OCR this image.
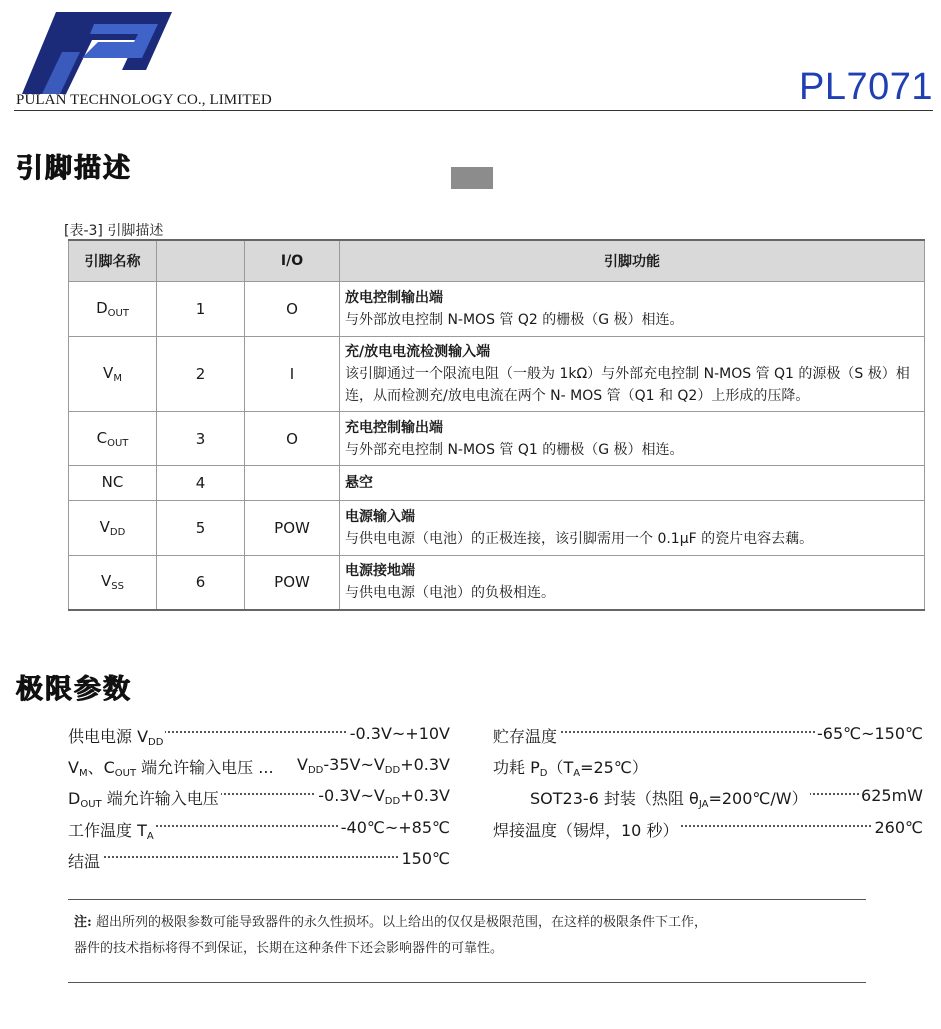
PULAN TECHNOLOGY CO., LIMITED	PL7071
引脚描述
[表-3] 引脚描述
引脚名称		I/O	引脚功能
$D_{OUT}$	1	O	放电控制输出端
与外部放电控制 N-MOS 管 Q2 的栅极（G 极）相连。

$V_M$	2	I	充/放电电流检测输入端
该引脚通过一个限流电阻（一般为 1kΩ）与外部充电控制 N-MOS 管 Q1 的源极（S 极）相连，从而检测充/放电电流在两个 N- MOS 管（Q1 和 Q2）上形成的压降。

$C_{OUT}$	3	O	充电控制输出端
与外部充电控制 N-MOS 管 Q1 的栅极（G 极）相连。

NC	4		悬空

$V_{DD}$	5	POW	电源输入端
与供电电源（电池）的正极连接，该引脚需用一个 0.1μF 的瓷片电容去藕。

$V_{SS}$	6	POW	电源接地端
与供电电源（电池）的负极相连。
极限参数
供电电源 $V_{DD}$	-0.3V~+10V
$V_M$、$C_{OUT}$ 端允许输入电压 ... $V_{DD}-35V\sim V_{DD}+0.3V$
$D_{OUT}$ 端允许输入电压	$-0.3V\sim V_{DD}+0.3V$
工作温度 $T_A$	-40℃~+85℃
结温	150℃
贮存温度	-65℃~150℃
功耗 $P_D(T_A=25℃)$
SOT23-6 封装（热阻 $\theta_{JA}=200℃/W$）	625mW
焊接温度（锡焊，10 秒）	260℃
注: 超出所列的极限参数可能导致器件的永久性损坏。以上给出的仅仅是极限范围，在这样的极限条件下工作，
器件的技术指标将得不到保证，长期在这种条件下还会影响器件的可靠性。
